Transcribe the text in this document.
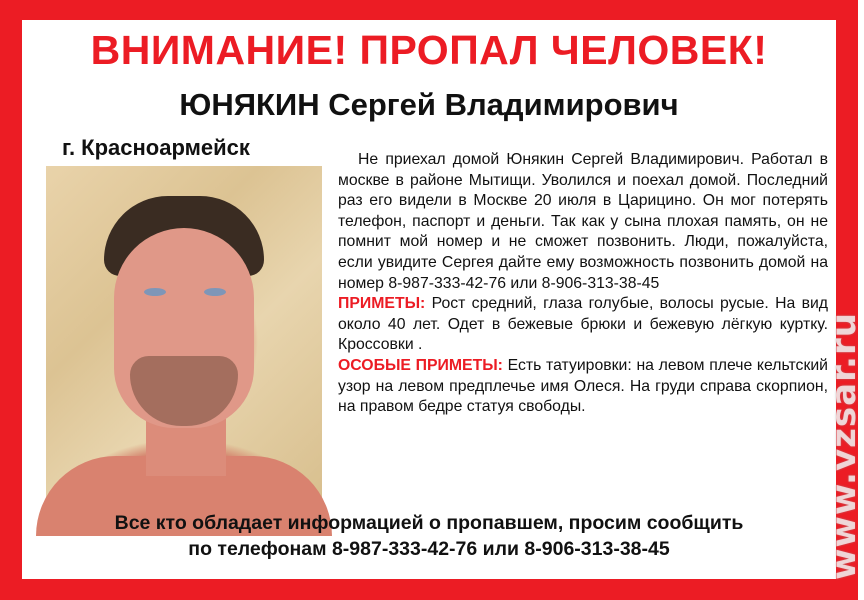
ВНИМАНИЕ! ПРОПАЛ ЧЕЛОВЕК!
ЮНЯКИН Сергей Владимирович
г. Красноармейск	Не приехал домой Юнякин Сергей Владимирович. Работал в москве в районе Мытищи. Уволился и поехал домой. Последний раз его видели в Москве 20 июля в Царицино. Он мог потерять телефон, паспорт и деньги. Так как у сына плохая память, он не помнит мой номер и не сможет позвонить. Люди, пожалуйста, если увидите Сергея дайте ему возможность позвонить домой на номер 8-987-333-42-76 или 8-906-313-38-45

ПРИМЕТЫ: Рост средний, глаза голубые, волосы русые. На вид около 40 лет. Одет в бежевые брюки и бежевую лёгкую куртку. Кроссовки .

ОСОБЫЕ ПРИМЕТЫ: Есть татуировки: на левом плече кельтский узор на левом предплечье имя Олеся. На груди справа скорпион, на правом бедре статуя свободы.

Все кто обладает информацией о пропавшем, просим сообщить
по телефонам 8-987-333-42-76 или 8-906-313-38-45	www.vzsar.ru
